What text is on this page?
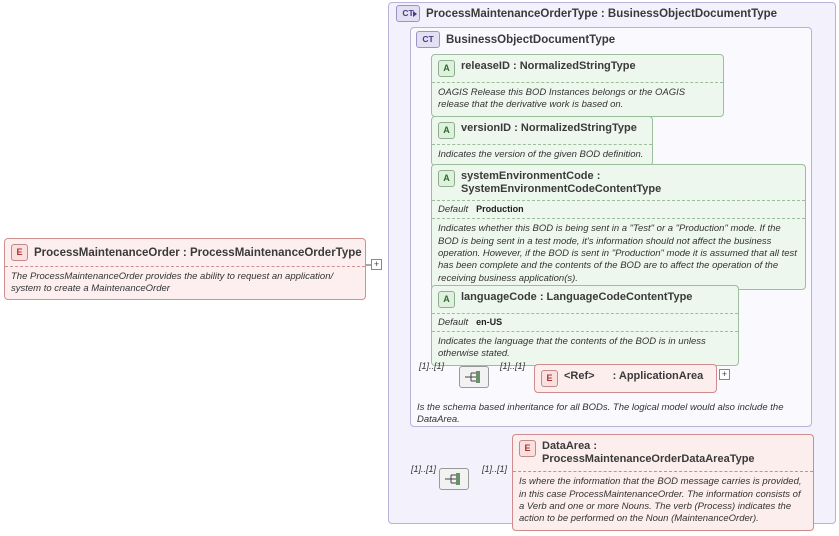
E	ProcessMaintenanceOrder : ProcessMaintenanceOrderType
The ProcessMaintenanceOrder provides the ability to request an application/ system to create a MaintenanceOrder
+
CT	ProcessMaintenanceOrderType : BusinessObjectDocumentType
CT	BusinessObjectDocumentType
A	releaseID : NormalizedStringType
OAGIS Release this BOD Instances belongs or the OAGIS release that the derivative work is based on.
A	versionID : NormalizedStringType
Indicates the version of the given BOD definition.
A	systemEnvironmentCode : SystemEnvironmentCodeContentType
Default Production
Indicates whether this BOD is being sent in a "Test" or a "Production" mode. If the BOD is being sent in a test mode, it's information should not affect the business operation. However, if the BOD is sent in "Production" mode it is assumed that all test has been complete and the contents of the BOD are to affect the operation of the receiving business application(s).
A	languageCode : LanguageCodeContentType
Default en-US
Indicates the language that the contents of the BOD is in unless otherwise stated.
[1]..[1]	[1]..[1]
E	<Ref> : ApplicationArea	+
Is the schema based inheritance for all BODs. The logical model would also include the DataArea.
[1]..[1]	[1]..[1]
E	DataArea : ProcessMaintenanceOrderDataAreaType
Is where the information that the BOD message carries is provided, in this case ProcessMaintenanceOrder. The information consists of a Verb and one or more Nouns. The verb (Process) indicates the action to be performed on the Noun (MaintenanceOrder).
